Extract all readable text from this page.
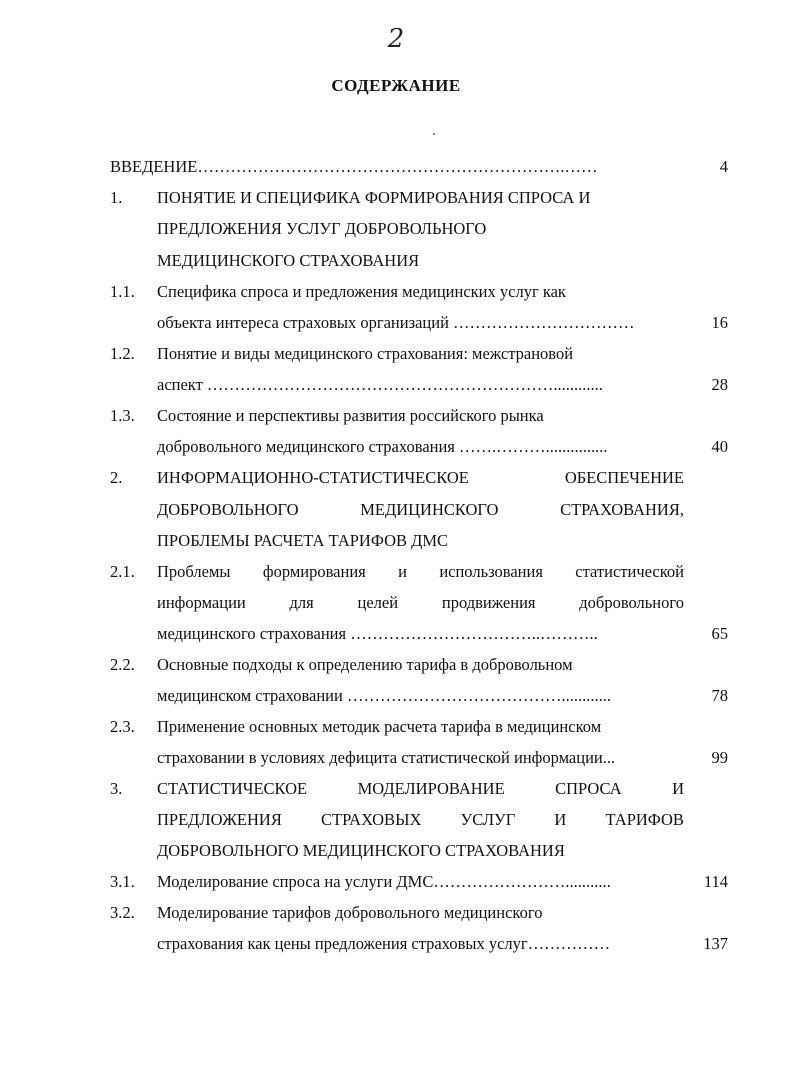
2
СОДЕРЖАНИЕ
ВВЕДЕНИЕ………………………………………………………….……	4
1. ПОНЯТИЕ И СПЕЦИФИКА ФОРМИРОВАНИЯ СПРОСА И
ПРЕДЛОЖЕНИЯ УСЛУГ ДОБРОВОЛЬНОГО
МЕДИЦИНСКОГО СТРАХОВАНИЯ
1.1. Специфика спроса и предложения медицинских услуг как
объекта интереса страховых организаций ……………………………	16
1.2. Понятие и виды медицинского страхования: межстрановой
аспект ………………………………………………………............	28
1.3. Состояние и перспективы развития российского рынка
добровольного медицинского страхования …….………...............	40
2. ИНФОРМАЦИОННО-СТАТИСТИЧЕСКОЕ	ОБЕСПЕЧЕНИЕ
ДОБРОВОЛЬНОГО	МЕДИЦИНСКОГО	СТРАХОВАНИЯ,
ПРОБЛЕМЫ РАСЧЕТА ТАРИФОВ ДМС
2.1. Проблемы формирования и использования статистической
информации	для	целей	продвижения	добровольного
медицинского страхования ……………………………..………..	65
2.2. Основные подходы к определению тарифа в добровольном
медицинском страховании …………………………………............	78
2.3. Применение основных методик расчета тарифа в медицинском
страховании в условиях дефицита статистической информации...	99
3. СТАТИСТИЧЕСКОЕ	МОДЕЛИРОВАНИЕ	СПРОСА	И
ПРЕДЛОЖЕНИЯ СТРАХОВЫХ УСЛУГ И ТАРИФОВ
ДОБРОВОЛЬНОГО МЕДИЦИНСКОГО СТРАХОВАНИЯ
3.1. Моделирование спроса на услуги ДМС……………………...........	114
3.2. Моделирование тарифов добровольного медицинского
страхования как цены предложения страховых услуг……………	137
